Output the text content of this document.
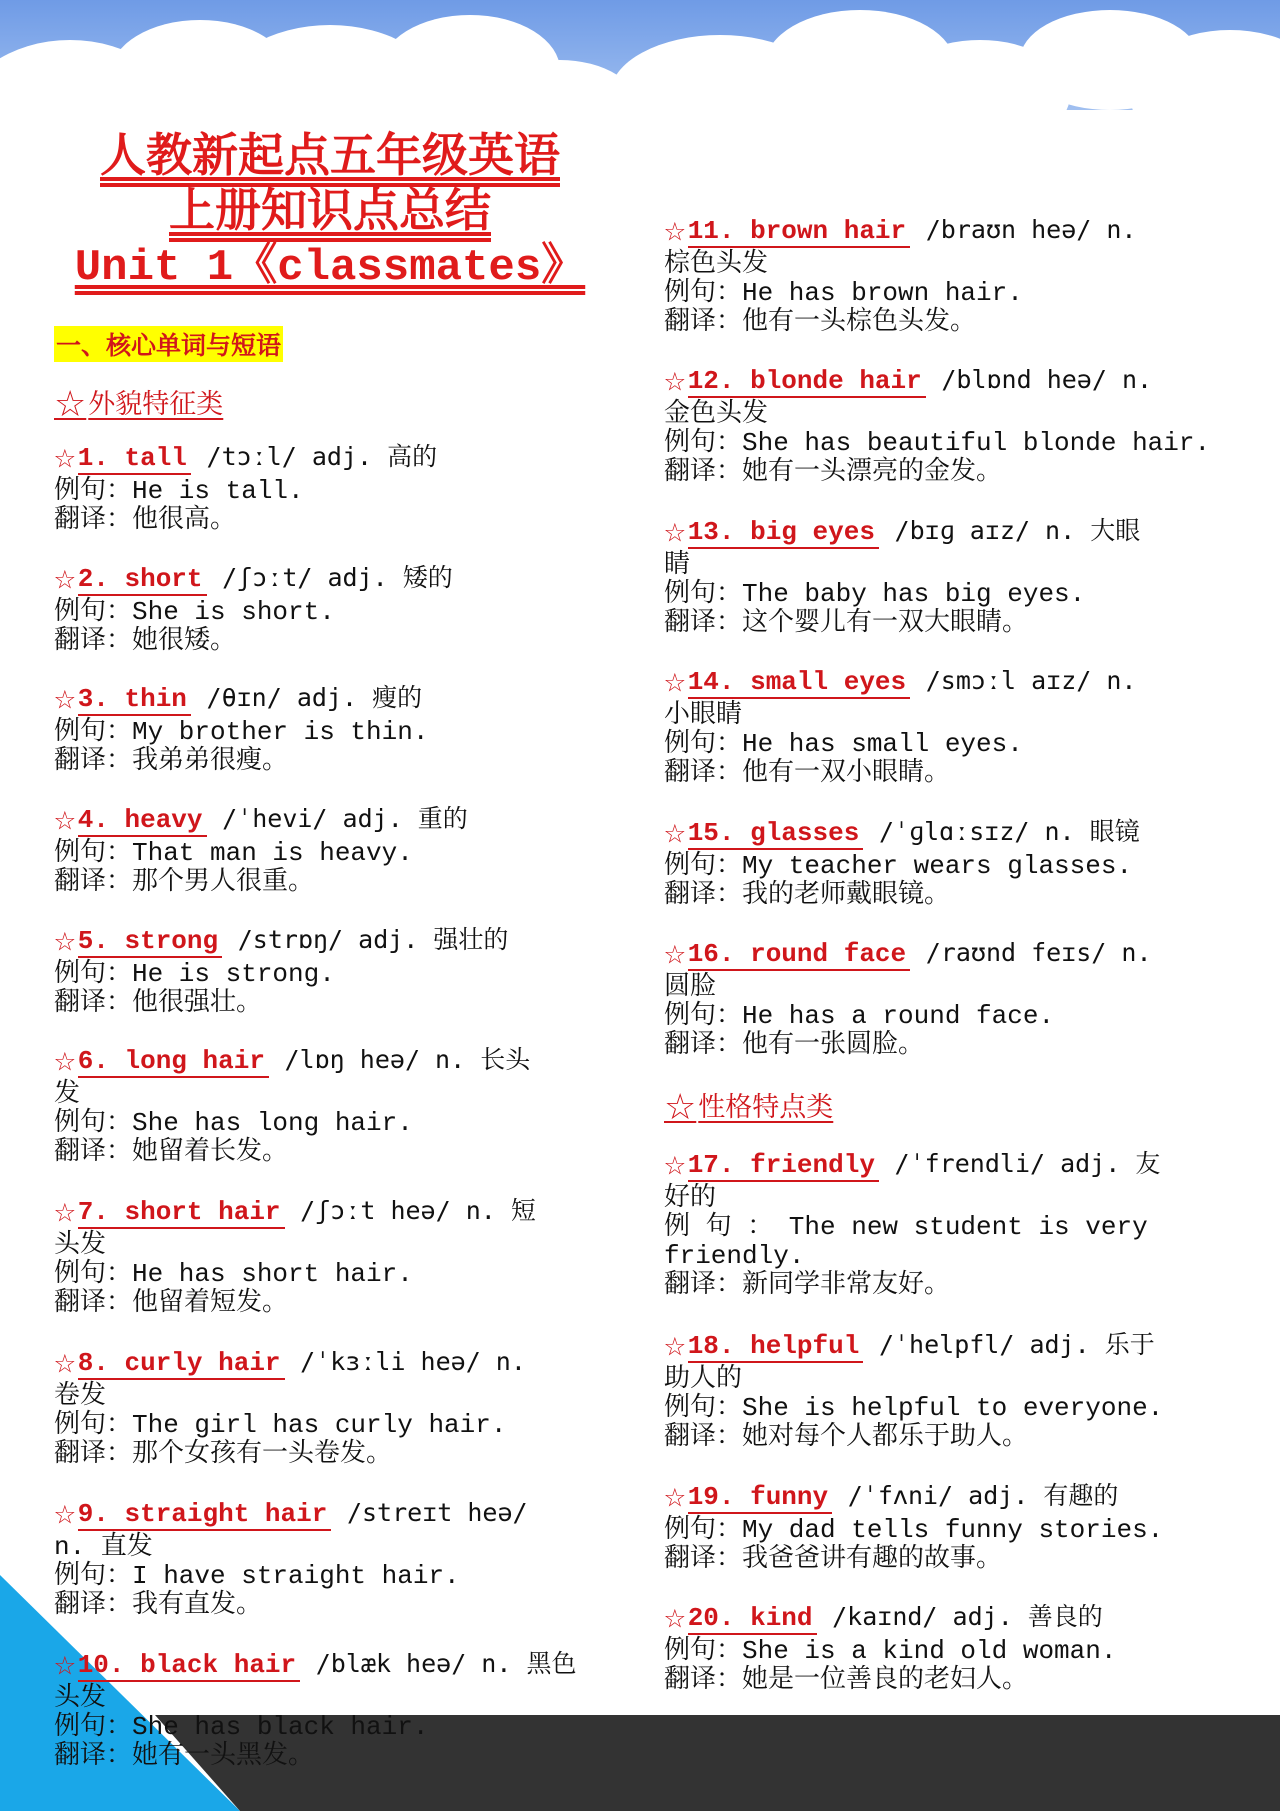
人教新起点五年级英语
上册知识点总结
Unit 1《classmates》
一、核心单词与短语
☆外貌特征类
☆性格特点类
☆1. tall /tɔːl/ adj. 高的
例句：He is tall.
翻译：他很高。
☆2. short /ʃɔːt/ adj. 矮的
例句：She is short.
翻译：她很矮。
☆3. thin /θɪn/ adj. 瘦的
例句：My brother is thin.
翻译：我弟弟很瘦。
☆4. heavy /ˈhevi/ adj. 重的
例句：That man is heavy.
翻译：那个男人很重。
☆5. strong /strɒŋ/ adj. 强壮的
例句：He is strong.
翻译：他很强壮。
☆6. long hair /lɒŋ heə/ n. 长头
发
例句：She has long hair.
翻译：她留着长发。
☆7. short hair /ʃɔːt heə/ n. 短
头发
例句：He has short hair.
翻译：他留着短发。
☆8. curly hair /ˈkɜːli heə/ n.
卷发
例句：The girl has curly hair.
翻译：那个女孩有一头卷发。
☆9. straight hair /streɪt heə/
n. 直发
例句：I have straight hair.
翻译：我有直发。
☆10. black hair /blæk heə/ n. 黑色
头发
例句：She has black hair.
翻译：她有一头黑发。
☆11. brown hair /braʊn heə/ n.
棕色头发
例句：He has brown hair.
翻译：他有一头棕色头发。
☆12. blonde hair /blɒnd heə/ n.
金色头发
例句：She has beautiful blonde hair.
翻译：她有一头漂亮的金发。
☆13. big eyes /bɪɡ aɪz/ n. 大眼
睛
例句：The baby has big eyes.
翻译：这个婴儿有一双大眼睛。
☆14. small eyes /smɔːl aɪz/ n.
小眼睛
例句：He has small eyes.
翻译：他有一双小眼睛。
☆15. glasses /ˈɡlɑːsɪz/ n. 眼镜
例句：My teacher wears glasses.
翻译：我的老师戴眼镜。
☆16. round face /raʊnd feɪs/ n.
圆脸
例句：He has a round face.
翻译：他有一张圆脸。
☆17. friendly /ˈfrendli/ adj. 友
好的
例 句 ： The new student is very
friendly.
翻译：新同学非常友好。
☆18. helpful /ˈhelpfl/ adj. 乐于
助人的
例句：She is helpful to everyone.
翻译：她对每个人都乐于助人。
☆19. funny /ˈfʌni/ adj. 有趣的
例句：My dad tells funny stories.
翻译：我爸爸讲有趣的故事。
☆20. kind /kaɪnd/ adj. 善良的
例句：She is a kind old woman.
翻译：她是一位善良的老妇人。
